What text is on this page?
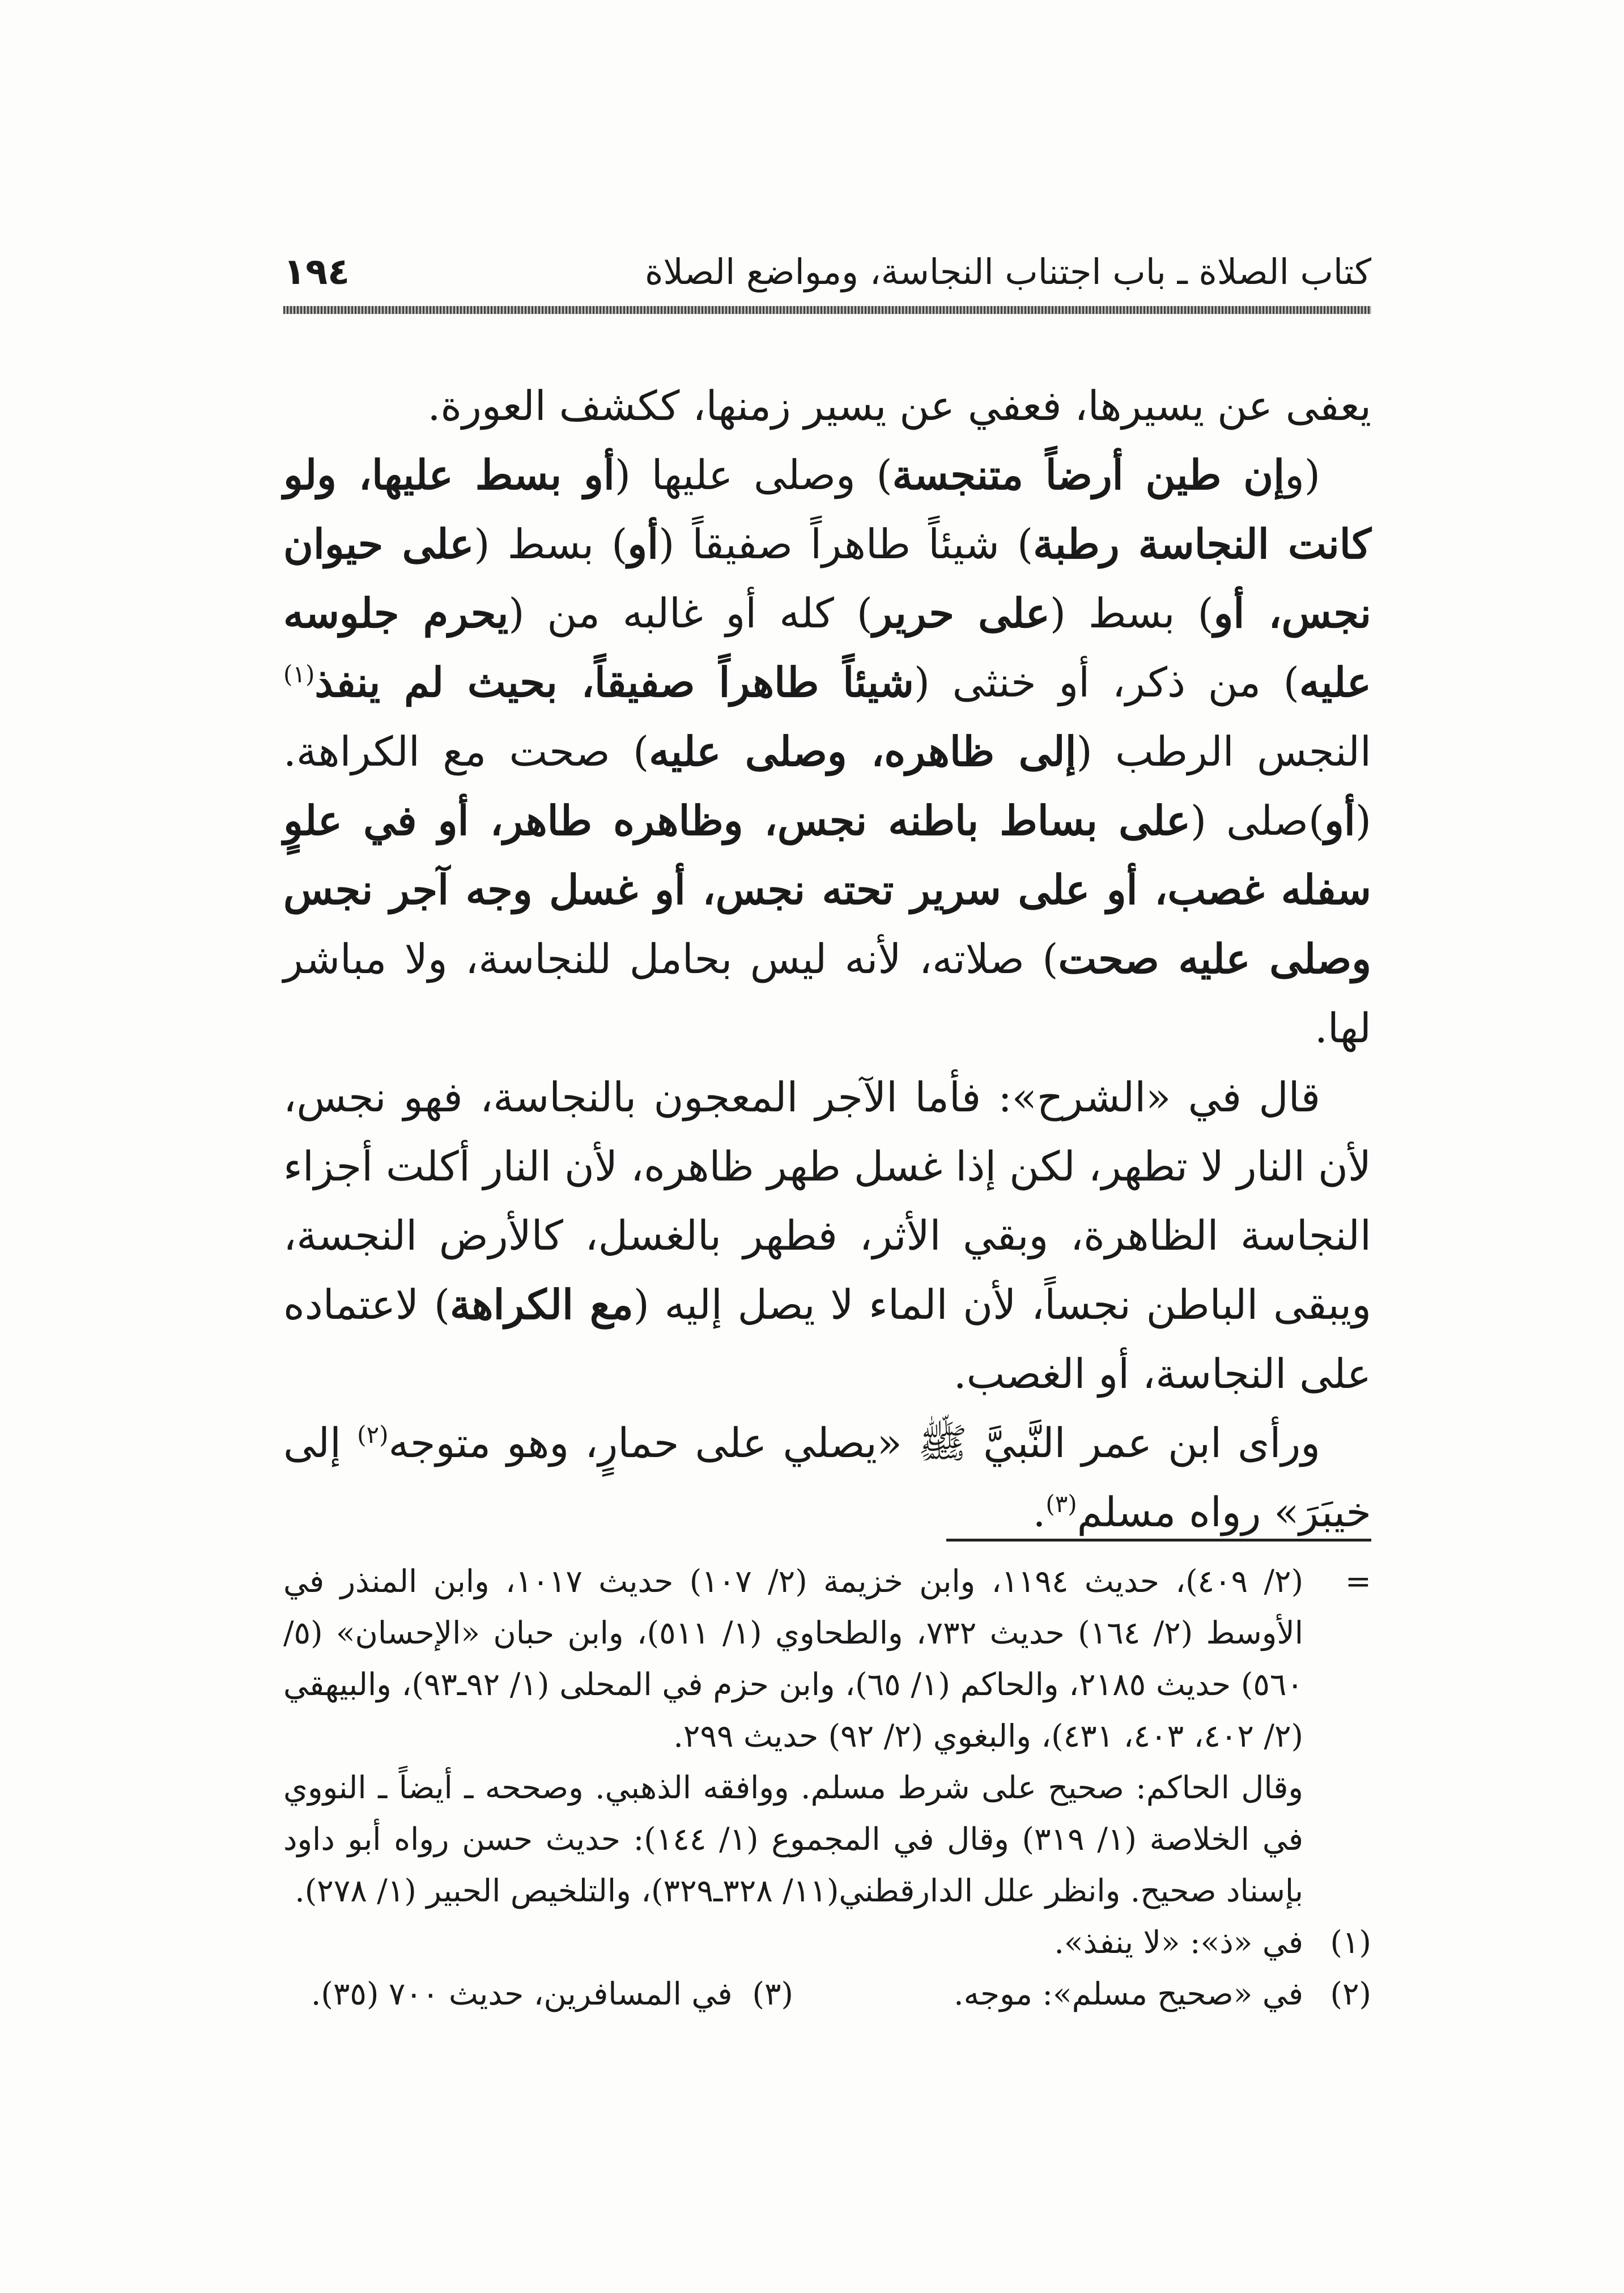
كتاب الصلاة ـ باب اجتناب النجاسة، ومواضع الصلاة
١٩٤

يعفى عن يسيرها، فعفي عن يسير زمنها، ككشف العورة.

(وإن طين أرضاً متنجسة) وصلى عليها (أو بسط عليها، ولو كانت النجاسة رطبة) شيئاً طاهراً صفيقاً (أو) بسط (على حيوان نجس، أو) بسط (على حرير) كله أو غالبه من (يحرم جلوسه عليه) من ذكر، أو خنثى (شيئاً طاهراً صفيقاً، بحيث لم ينفذ$^{(١)}$ النجس الرطب (إلى ظاهره، وصلى عليه) صحت مع الكراهة. (أو)صلى (على بساط باطنه نجس، وظاهره طاهر، أو في علوٍ سفله غصب، أو على سرير تحته نجس، أو غسل وجه آجر نجس وصلى عليه صحت) صلاته، لأنه ليس بحامل للنجاسة، ولا مباشر لها.

قال في «الشرح»: فأما الآجر المعجون بالنجاسة، فهو نجس، لأن النار لا تطهر، لكن إذا غسل طهر ظاهره، لأن النار أكلت أجزاء النجاسة الظاهرة، وبقي الأثر، فطهر بالغسل، كالأرض النجسة، ويبقى الباطن نجساً، لأن الماء لا يصل إليه (مع الكراهة) لاعتماده على النجاسة، أو الغصب.

ورأى ابن عمر النَّبيَّ ﷺ «يصلي على حمارٍ، وهو متوجه$^{(٢)}$ إلى خيبَرَ» رواه مسلم$^{(٣)}$.

=

(٢/ ٤٠٩)، حديث ١١٩٤، وابن خزيمة (٢/ ١٠٧) حديث ١٠١٧، وابن المنذر في الأوسط (٢/ ١٦٤) حديث ٧٣٢، والطحاوي (١/ ٥١١)، وابن حبان «الإحسان» (٥/ ٥٦٠) حديث ٢١٨٥، والحاكم (١/ ٦٥)، وابن حزم في المحلى (١/ ٩٢ـ٩٣)، والبيهقي (٢/ ٤٠٢، ٤٠٣، ٤٣١)، والبغوي (٢/ ٩٢) حديث ٢٩٩.

وقال الحاكم: صحيح على شرط مسلم. ووافقه الذهبي. وصححه ـ أيضاً ـ النووي في الخلاصة (١/ ٣١٩) وقال في المجموع (١/ ١٤٤): حديث حسن رواه أبو داود بإسناد صحيح. وانظر علل الدارقطني(١١/ ٣٢٨ـ٣٢٩)، والتلخيص الحبير (١/ ٢٧٨).

(١)
في «ذ»: «لا ينفذ».
(٢)
في «صحيح مسلم»: موجه.(٣)  في المسافرين، حديث ٧٠٠ (٣٥).
